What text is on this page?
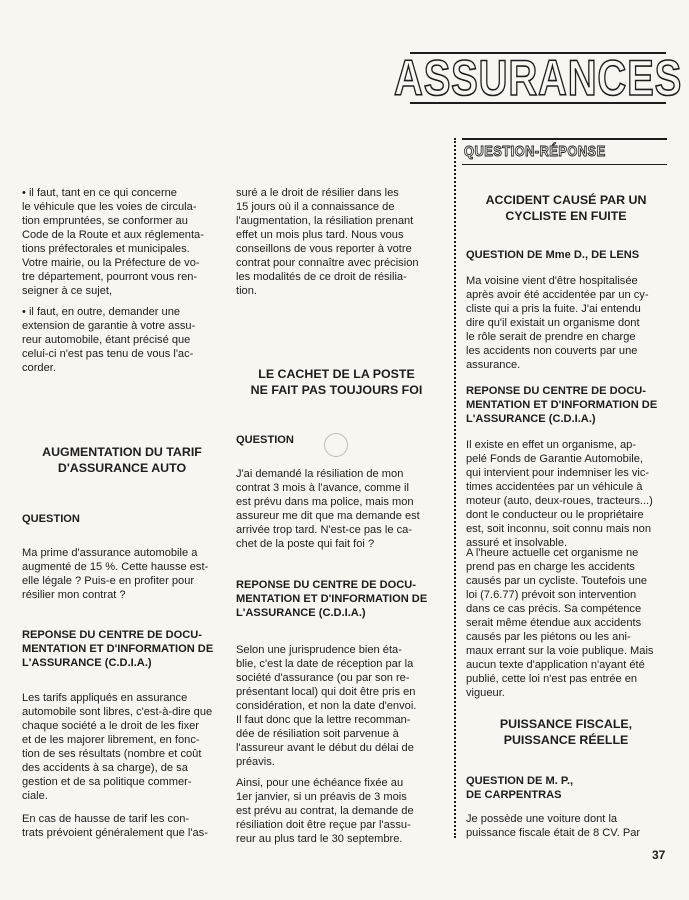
ASSURANCES
QUESTION-RÉPONSE

• il faut, tant en ce qui concerne
le véhicule que les voies de circula-
tion empruntées, se conformer au
Code de la Route et aux réglementa-
tions préfectorales et municipales.
Votre mairie, ou la Préfecture de vo-
tre département, pourront vous ren-
seigner à ce sujet,

• il faut, en outre, demander une
extension de garantie à votre assu-
reur automobile, étant précisé que
celui-ci n'est pas tenu de vous l'ac-
corder.

AUGMENTATION DU TARIF
D'ASSURANCE AUTO
QUESTION

Ma prime d'assurance automobile a
augmenté de 15 %. Cette hausse est-
elle légale ? Puis-e en profiter pour
résilier mon contrat ?

REPONSE DU CENTRE DE DOCU-
MENTATION ET D'INFORMATION DE
L'ASSURANCE (C.D.I.A.)

Les tarifs appliqués en assurance
automobile sont libres, c'est-à-dire que
chaque société a le droit de les fixer
et de les majorer librement, en fonc-
tion de ses résultats (nombre et coût
des accidents à sa charge), de sa
gestion et de sa politique commer-
ciale.

En cas de hausse de tarif les con-
trats prévoient généralement que l'as-

suré a le droit de résilier dans les
15 jours où il a connaissance de
l'augmentation, la résiliation prenant
effet un mois plus tard. Nous vous
conseillons de vous reporter à votre
contrat pour connaître avec précision
les modalités de ce droit de résilia-
tion.

LE CACHET DE LA POSTE
NE FAIT PAS TOUJOURS FOI
QUESTION

J'ai demandé la résiliation de mon
contrat 3 mois à l'avance, comme il
est prévu dans ma police, mais mon
assureur me dit que ma demande est
arrivée trop tard. N'est-ce pas le ca-
chet de la poste qui fait foi ?

REPONSE DU CENTRE DE DOCU-
MENTATION ET D'INFORMATION DE
L'ASSURANCE (C.D.I.A.)

Selon une jurisprudence bien éta-
blie, c'est la date de réception par la
société d'assurance (ou par son re-
présentant local) qui doit être pris en
considération, et non la date d'envoi.
Il faut donc que la lettre recomman-
dée de résiliation soit parvenue à
l'assureur avant le début du délai de
préavis.

Ainsi, pour une échéance fixée au
1er janvier, si un préavis de 3 mois
est prévu au contrat, la demande de
résiliation doit être reçue par l'assu-
reur au plus tard le 30 septembre.

ACCIDENT CAUSÉ PAR UN
CYCLISTE EN FUITE
QUESTION DE Mme D., DE LENS

Ma voisine vient d'être hospitalisée
après avoir été accidentée par un cy-
cliste qui a pris la fuite. J'ai entendu
dire qu'il existait un organisme dont
le rôle serait de prendre en charge
les accidents non couverts par une
assurance.

REPONSE DU CENTRE DE DOCU-
MENTATION ET D'INFORMATION DE
L'ASSURANCE (C.D.I.A.)

Il existe en effet un organisme, ap-
pelé Fonds de Garantie Automobile,
qui intervient pour indemniser les vic-
times accidentées par un véhicule à
moteur (auto, deux-roues, tracteurs...)
dont le conducteur ou le propriétaire
est, soit inconnu, soit connu mais non
assuré et insolvable.

A l'heure actuelle cet organisme ne
prend pas en charge les accidents
causés par un cycliste. Toutefois une
loi (7.6.77) prévoit son intervention
dans ce cas précis. Sa compétence
serait même étendue aux accidents
causés par les piétons ou les ani-
maux errant sur la voie publique. Mais
aucun texte d'application n'ayant été
publié, cette loi n'est pas entrée en
vigueur.

PUISSANCE FISCALE,
PUISSANCE RÉELLE
QUESTION DE M. P.,
DE CARPENTRAS

Je possède une voiture dont la
puissance fiscale était de 8 CV. Par

37
